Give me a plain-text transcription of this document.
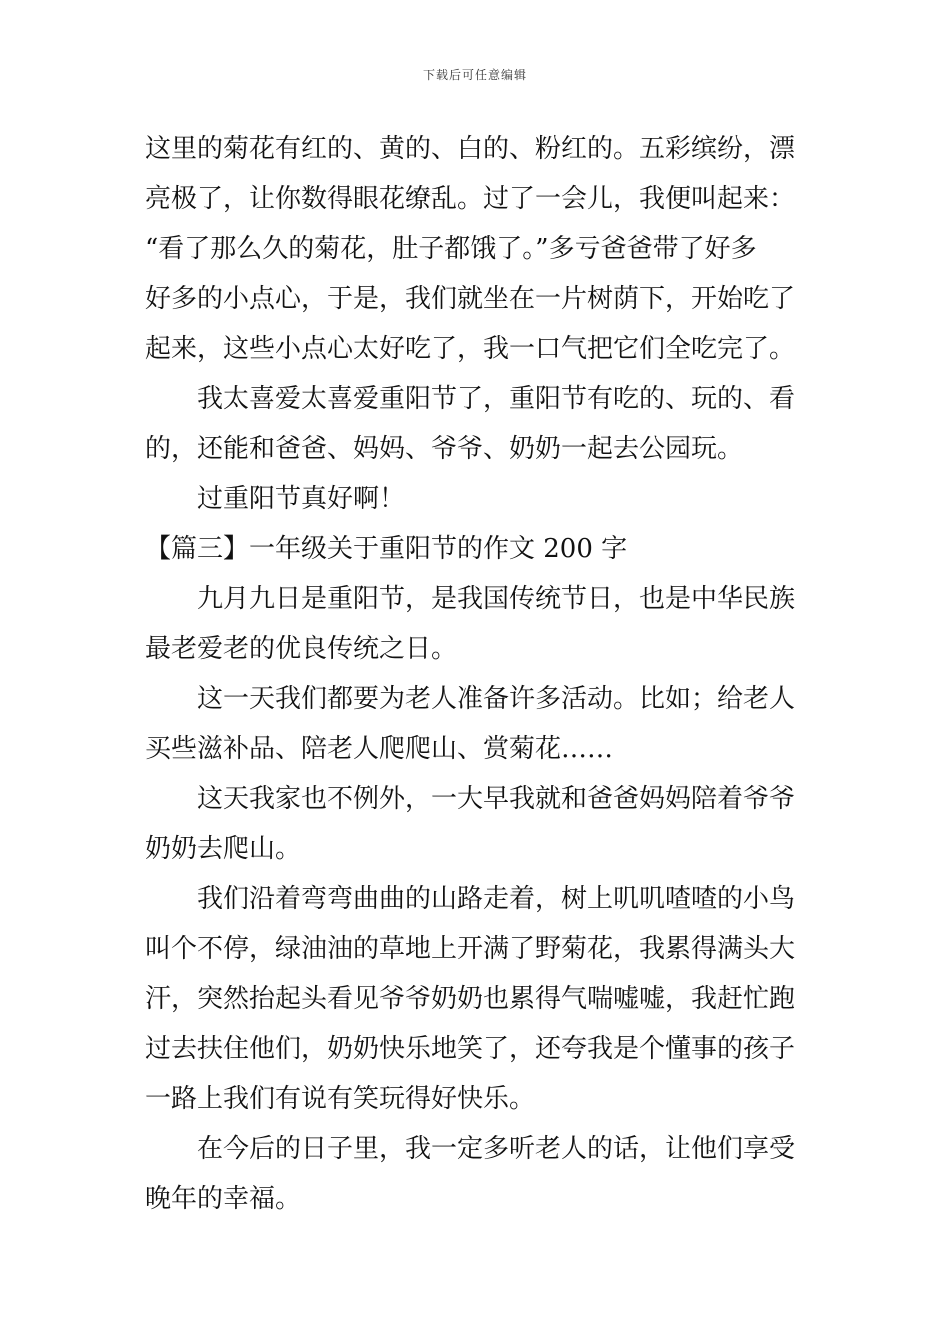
下载后可任意编辑
这里的菊花有红的、黄的、白的、粉红的。五彩缤纷，漂
亮极了，让你数得眼花缭乱。过了一会儿，我便叫起来：
“看了那么久的菊花，肚子都饿了。”多亏爸爸带了好多
好多的小点心，于是，我们就坐在一片树荫下，开始吃了
起来，这些小点心太好吃了，我一口气把它们全吃完了。
我太喜爱太喜爱重阳节了，重阳节有吃的、玩的、看
的，还能和爸爸、妈妈、爷爷、奶奶一起去公园玩。
过重阳节真好啊！
【篇三】一年级关于重阳节的作文 200 字
九月九日是重阳节，是我国传统节日，也是中华民族
最老爱老的优良传统之日。
这一天我们都要为老人准备许多活动。比如；给老人
买些滋补品、陪老人爬爬山、赏菊花……
这天我家也不例外，一大早我就和爸爸妈妈陪着爷爷
奶奶去爬山。
我们沿着弯弯曲曲的山路走着，树上叽叽喳喳的小鸟
叫个不停，绿油油的草地上开满了野菊花，我累得满头大
汗，突然抬起头看见爷爷奶奶也累得气喘嘘嘘，我赶忙跑
过去扶住他们，奶奶快乐地笑了，还夸我是个懂事的孩子
一路上我们有说有笑玩得好快乐。
在今后的日子里，我一定多听老人的话，让他们享受
晚年的幸福。
